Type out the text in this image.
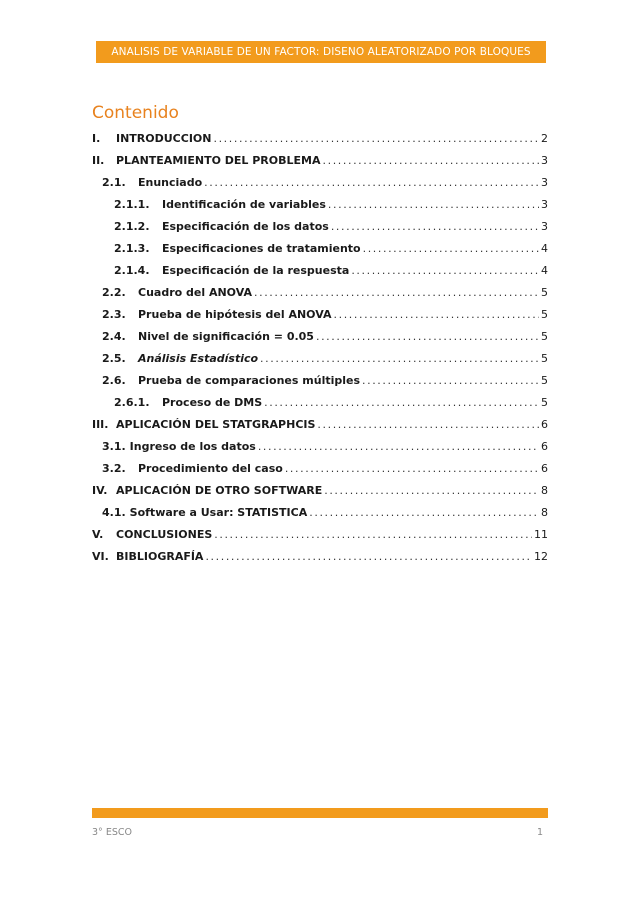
ANALISIS DE VARIABLE DE UN FACTOR: DISENO ALEATORIZADO POR BLOQUES
Contenido
I.	INTRODUCCION .....	2
II.	PLANTEAMIENTO DEL PROBLEMA .....	3
2.1.	Enunciado .....	3
2.1.1.	Identificación de variables .....	3
2.1.2.	Especificación de los datos .....	3
2.1.3.	Especificaciones de tratamiento .....	4
2.1.4.	Especificación de la respuesta .....	4
2.2.	Cuadro del ANOVA .....	5
2.3.	Prueba de hipótesis del ANOVA .....	5
2.4.	Nivel de significación = 0.05 .....	5
2.5.	Análisis Estadístico .....	5
2.6.	Prueba de comparaciones múltiples .....	5
2.6.1.	Proceso de DMS .....	5
III. APLICACIÓN DEL STATGRAPHCIS .....	6
3.1. Ingreso de los datos .....	6
3.2.	Procedimiento del caso .....	6
IV. APLICACIÓN DE OTRO SOFTWARE .....	8
4.1. Software a Usar: STATISTICA .....	8
V.	CONCLUSIONES .....	11
VI. BIBLIOGRAFÍA .....	12
3° ESCO	1
